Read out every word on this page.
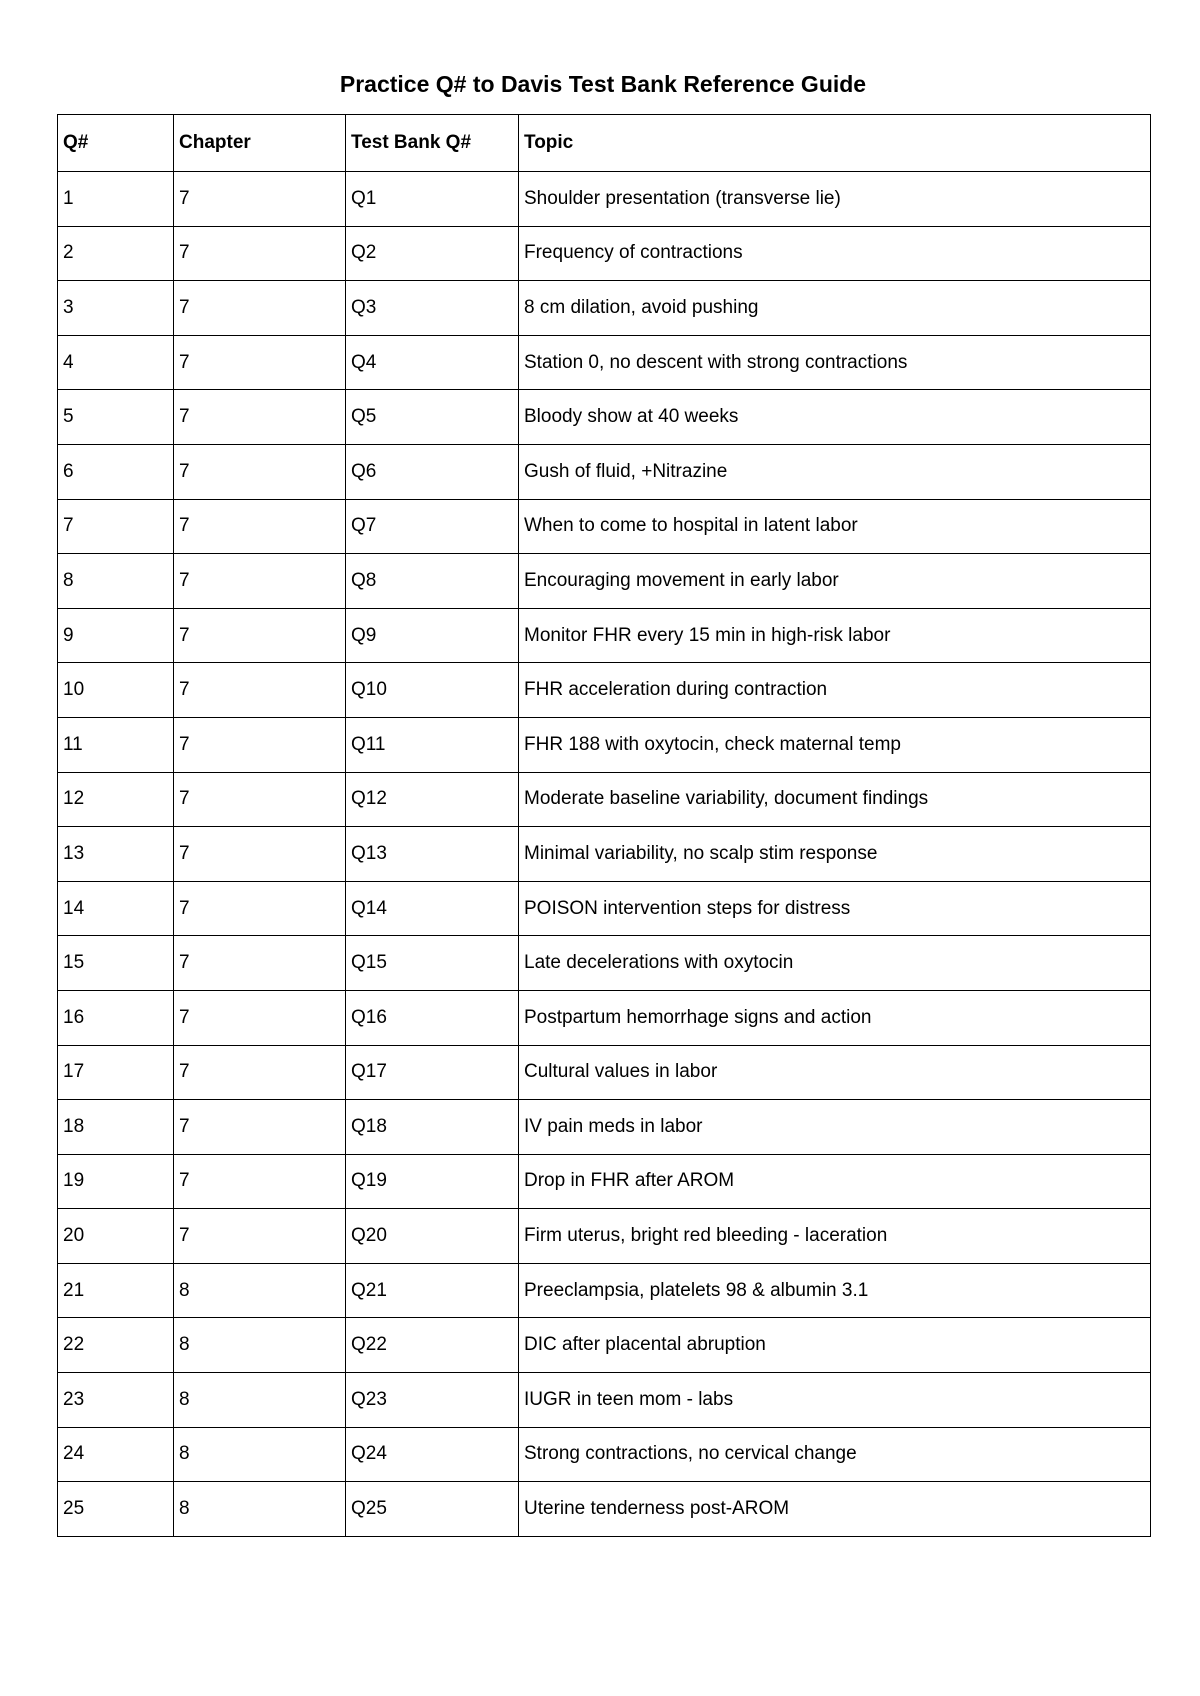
Practice Q# to Davis Test Bank Reference Guide
Q#	Chapter	Test Bank Q#	Topic
1	7	Q1	Shoulder presentation (transverse lie)
2	7	Q2	Frequency of contractions
3	7	Q3	8 cm dilation, avoid pushing
4	7	Q4	Station 0, no descent with strong contractions
5	7	Q5	Bloody show at 40 weeks
6	7	Q6	Gush of fluid, +Nitrazine
7	7	Q7	When to come to hospital in latent labor
8	7	Q8	Encouraging movement in early labor
9	7	Q9	Monitor FHR every 15 min in high-risk labor
10	7	Q10	FHR acceleration during contraction
11	7	Q11	FHR 188 with oxytocin, check maternal temp
12	7	Q12	Moderate baseline variability, document findings
13	7	Q13	Minimal variability, no scalp stim response
14	7	Q14	POISON intervention steps for distress
15	7	Q15	Late decelerations with oxytocin
16	7	Q16	Postpartum hemorrhage signs and action
17	7	Q17	Cultural values in labor
18	7	Q18	IV pain meds in labor
19	7	Q19	Drop in FHR after AROM
20	7	Q20	Firm uterus, bright red bleeding - laceration
21	8	Q21	Preeclampsia, platelets 98 & albumin 3.1
22	8	Q22	DIC after placental abruption
23	8	Q23	IUGR in teen mom - labs
24	8	Q24	Strong contractions, no cervical change
25	8	Q25	Uterine tenderness post-AROM
